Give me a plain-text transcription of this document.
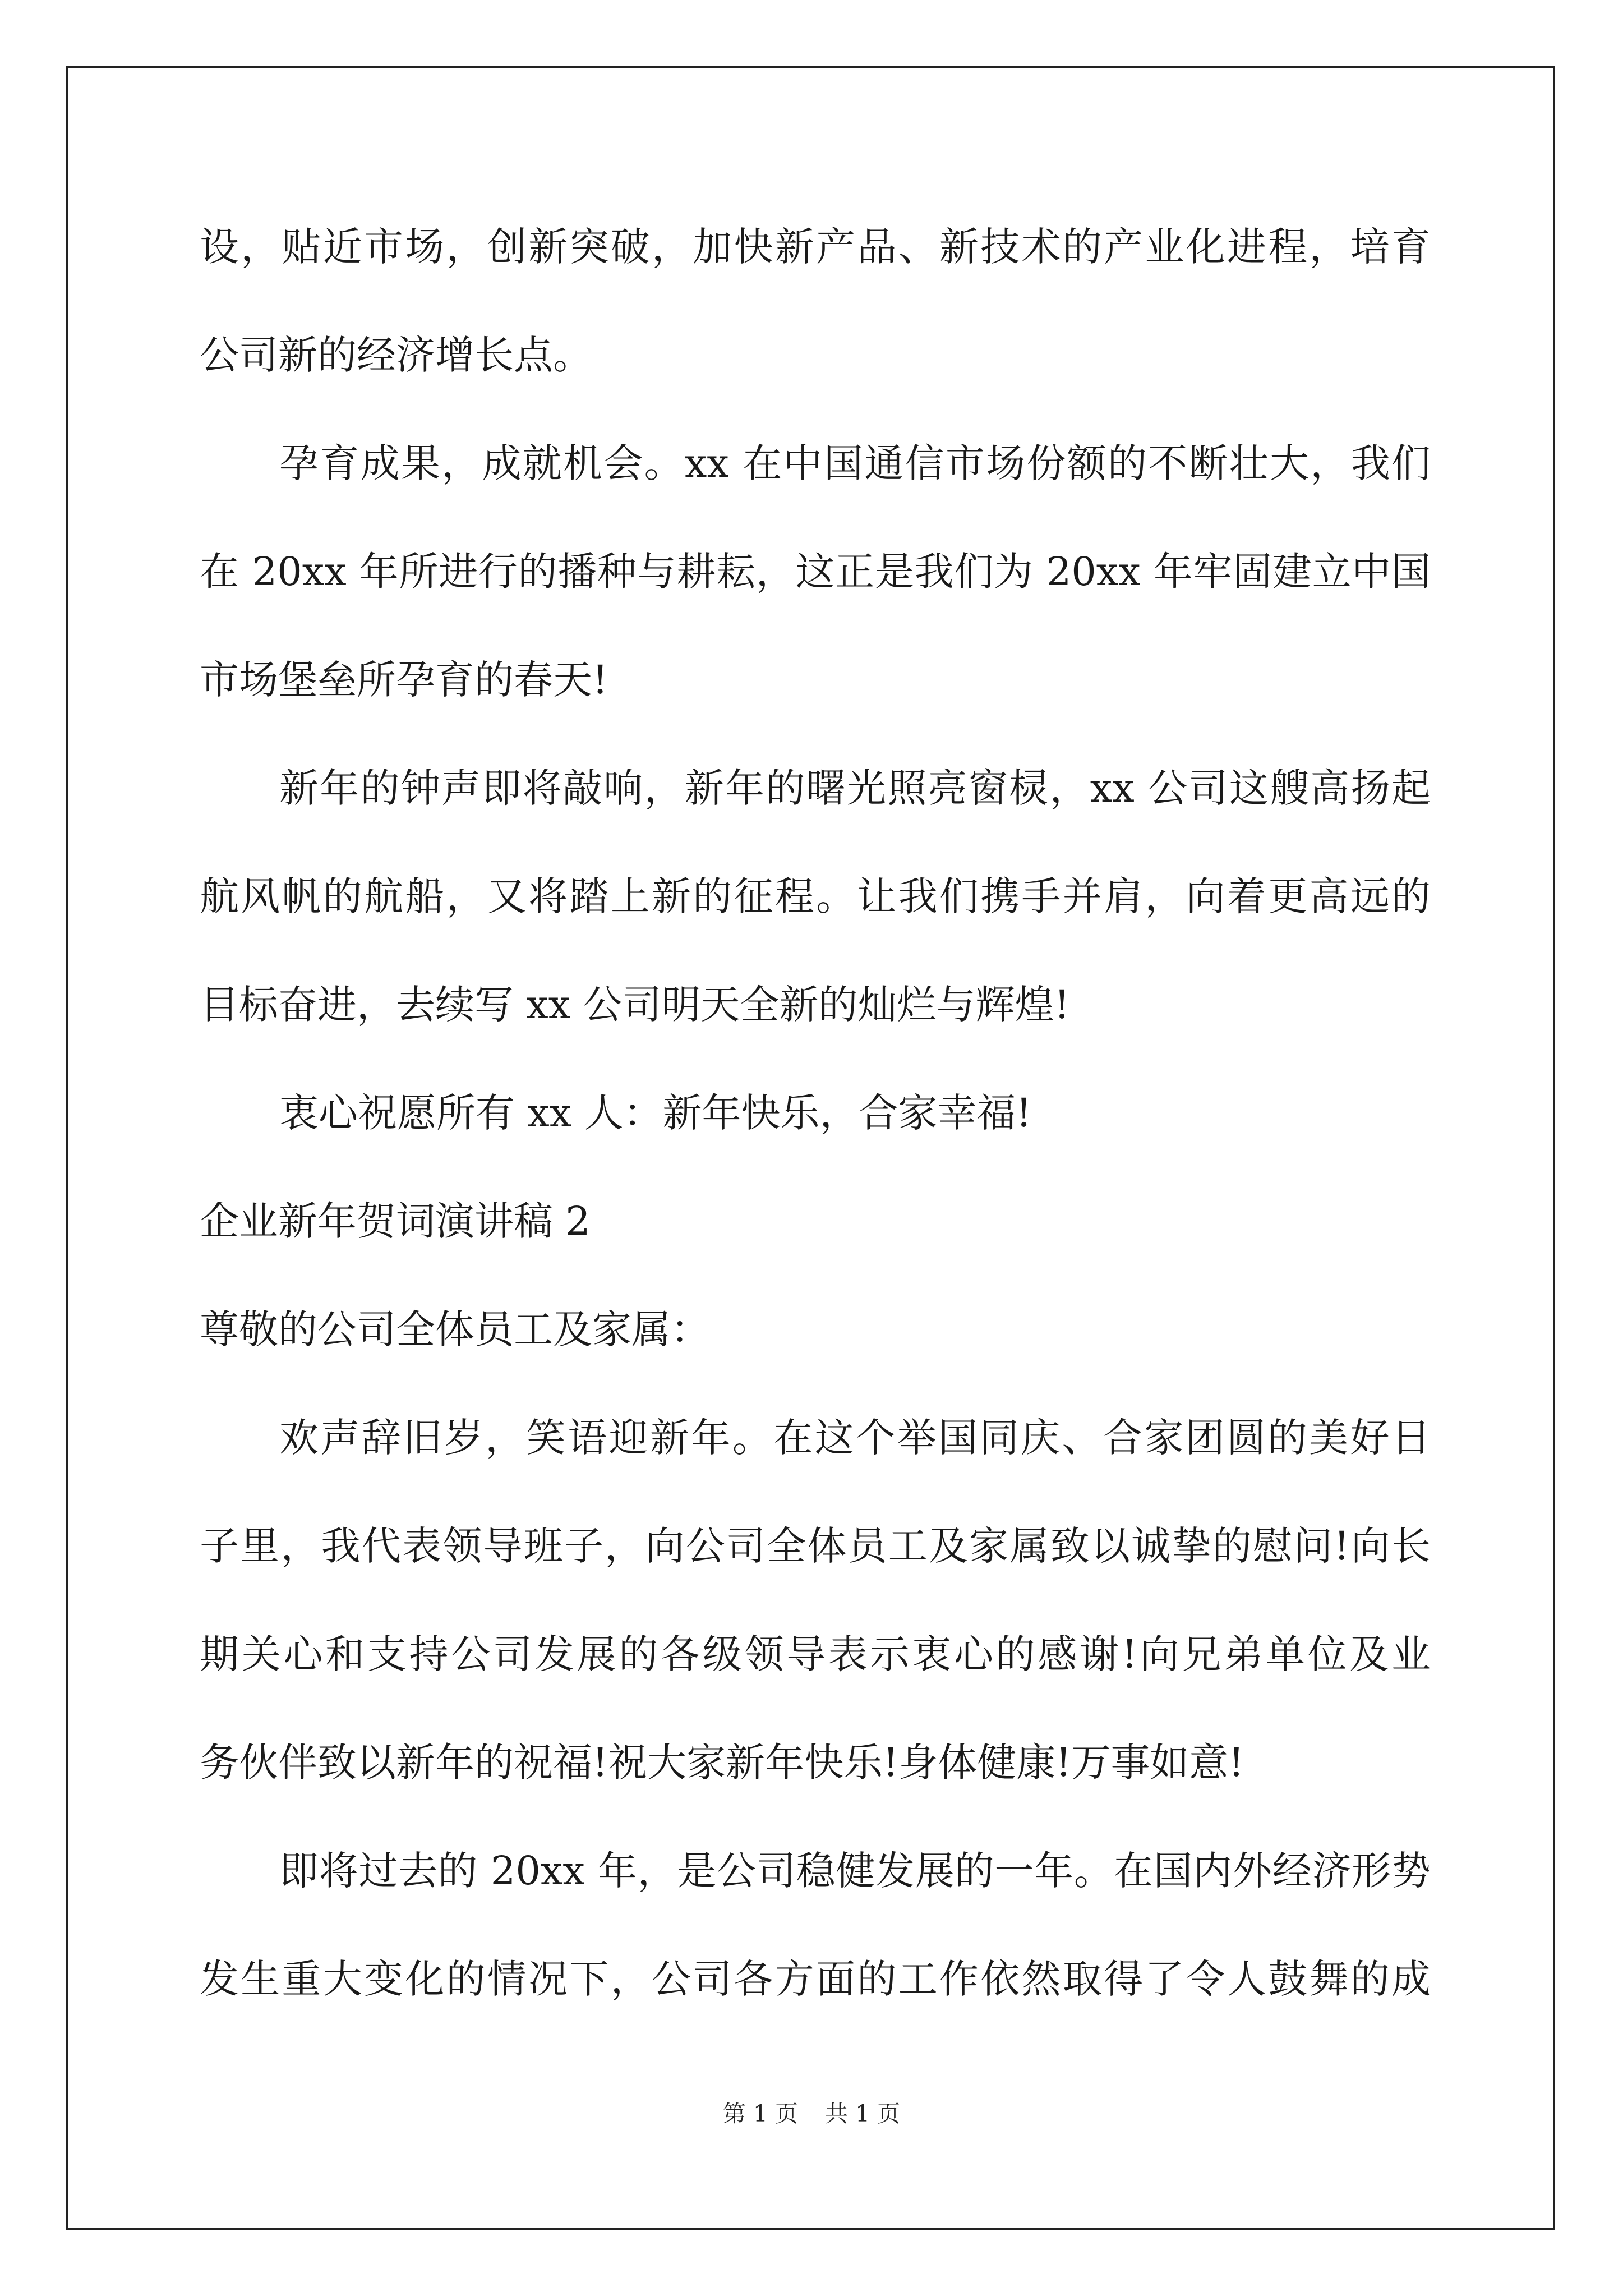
设，贴近市场，创新突破，加快新产品、新技术的产业化进程，培育
公司新的经济增长点。
孕育成果，成就机会。xx 在中国通信市场份额的不断壮大，我们
在 20xx 年所进行的播种与耕耘，这正是我们为 20xx 年牢固建立中国
市场堡垒所孕育的春天!
新年的钟声即将敲响，新年的曙光照亮窗棂，xx 公司这艘高扬起
航风帆的航船，又将踏上新的征程。让我们携手并肩，向着更高远的
目标奋进，去续写 xx 公司明天全新的灿烂与辉煌!
衷心祝愿所有 xx 人：新年快乐，合家幸福!
企业新年贺词演讲稿 2
尊敬的公司全体员工及家属：
欢声辞旧岁，笑语迎新年。在这个举国同庆、合家团圆的美好日
子里，我代表领导班子，向公司全体员工及家属致以诚挚的慰问!向长
期关心和支持公司发展的各级领导表示衷心的感谢!向兄弟单位及业
务伙伴致以新年的祝福!祝大家新年快乐!身体健康!万事如意!
即将过去的 20xx 年，是公司稳健发展的一年。在国内外经济形势
发生重大变化的情况下，公司各方面的工作依然取得了令人鼓舞的成
第 1 页 共 1 页
